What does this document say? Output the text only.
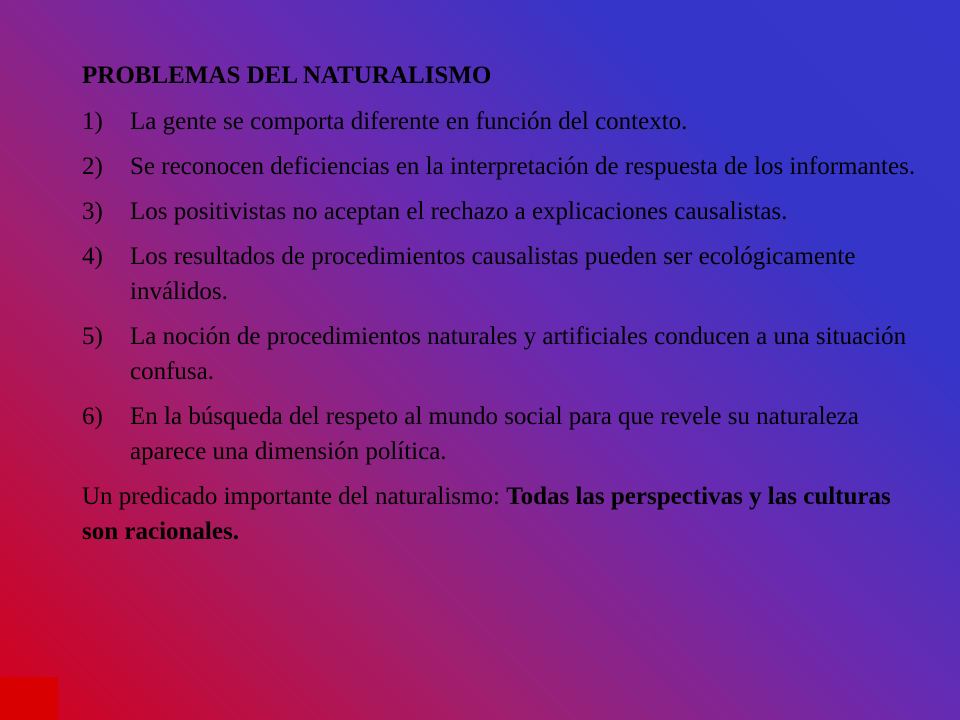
PROBLEMAS DEL NATURALISMO
1) La gente se comporta diferente en función del contexto.
2) Se reconocen deficiencias en la interpretación de respuesta de los informantes.
3) Los positivistas no aceptan el rechazo a explicaciones causalistas.
4) Los resultados de procedimientos causalistas pueden ser ecológicamente inválidos.
5) La noción de procedimientos naturales y artificiales conducen a una situación confusa.
6) En la búsqueda del respeto al mundo social para que revele su naturaleza aparece una dimensión política.
Un predicado importante del naturalismo: Todas las perspectivas y las culturas son racionales.
